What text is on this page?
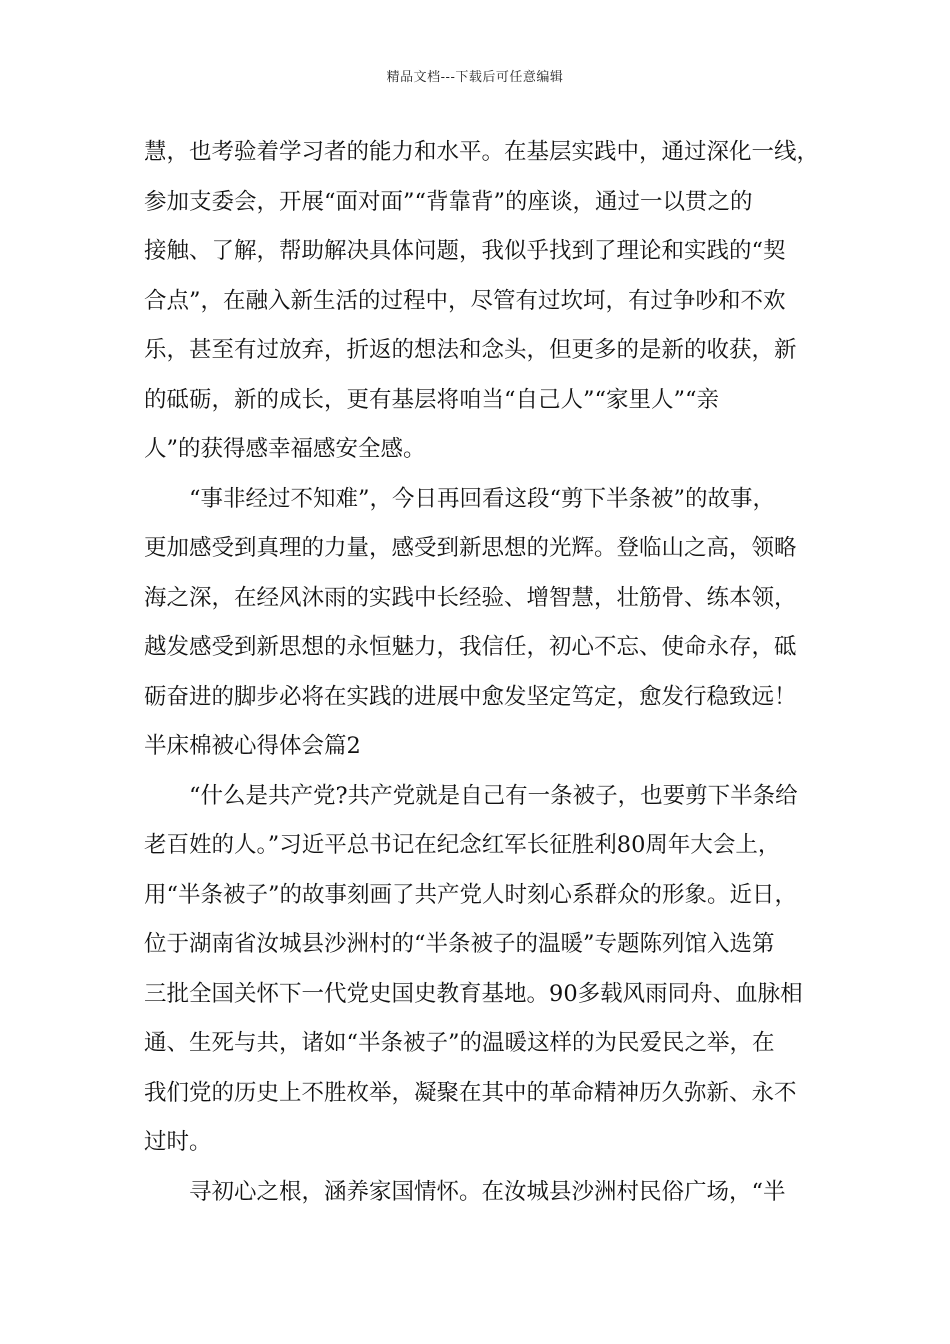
精品文档---下载后可任意编辑
慧，也考验着学习者的能力和水平。在基层实践中，通过深化一线，
参加支委会，开展“面对面”“背靠背”的座谈，通过一以贯之的
接触、了解，帮助解决具体问题，我似乎找到了理论和实践的“契
合点”，在融入新生活的过程中，尽管有过坎坷，有过争吵和不欢
乐，甚至有过放弃，折返的想法和念头，但更多的是新的收获，新
的砥砺，新的成长，更有基层将咱当“自己人”“家里人”“亲
人”的获得感幸福感安全感。
“事非经过不知难”，今日再回看这段“剪下半条被”的故事，
更加感受到真理的力量，感受到新思想的光辉。登临山之高，领略
海之深，在经风沐雨的实践中长经验、增智慧，壮筋骨、练本领，
越发感受到新思想的永恒魅力，我信任，初心不忘、使命永存，砥
砺奋进的脚步必将在实践的进展中愈发坚定笃定，愈发行稳致远！
半床棉被心得体会篇2
“什么是共产党?共产党就是自己有一条被子，也要剪下半条给
老百姓的人。”习近平总书记在纪念红军长征胜利80周年大会上，
用“半条被子”的故事刻画了共产党人时刻心系群众的形象。近日，
位于湖南省汝城县沙洲村的“半条被子的温暖”专题陈列馆入选第
三批全国关怀下一代党史国史教育基地。90多载风雨同舟、血脉相
通、生死与共，诸如“半条被子”的温暖这样的为民爱民之举，在
我们党的历史上不胜枚举，凝聚在其中的革命精神历久弥新、永不
过时。
寻初心之根，涵养家国情怀。在汝城县沙洲村民俗广场，“半
